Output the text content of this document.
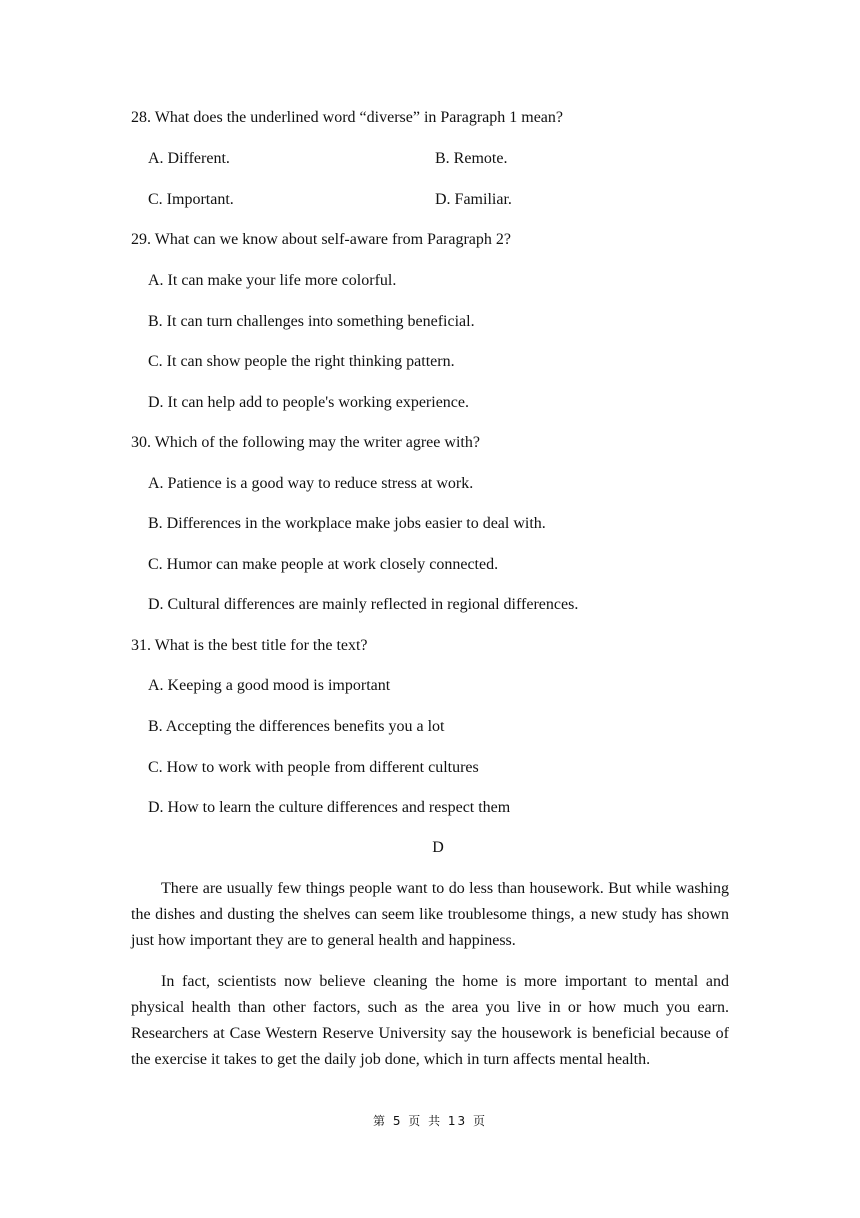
28. What does the underlined word “diverse” in Paragraph 1 mean?
A. Different.	B. Remote.
C. Important.	D. Familiar.
29. What can we know about self-aware from Paragraph 2?
A. It can make your life more colorful.
B. It can turn challenges into something beneficial.
C. It can show people the right thinking pattern.
D. It can help add to people's working experience.
30. Which of the following may the writer agree with?
A. Patience is a good way to reduce stress at work.
B. Differences in the workplace make jobs easier to deal with.
C. Humor can make people at work closely connected.
D. Cultural differences are mainly reflected in regional differences.
31. What is the best title for the text?
A. Keeping a good mood is important
B. Accepting the differences benefits you a lot
C. How to work with people from different cultures
D. How to learn the culture differences and respect them
D
There are usually few things people want to do less than housework. But while washing the dishes and dusting the shelves can seem like troublesome things, a new study has shown just how important they are to general health and happiness.
In fact, scientists now believe cleaning the home is more important to mental and physical health than other factors, such as the area you live in or how much you earn. Researchers at Case Western Reserve University say the housework is beneficial because of the exercise it takes to get the daily job done, which in turn affects mental health.
第 5 页 共 13 页
